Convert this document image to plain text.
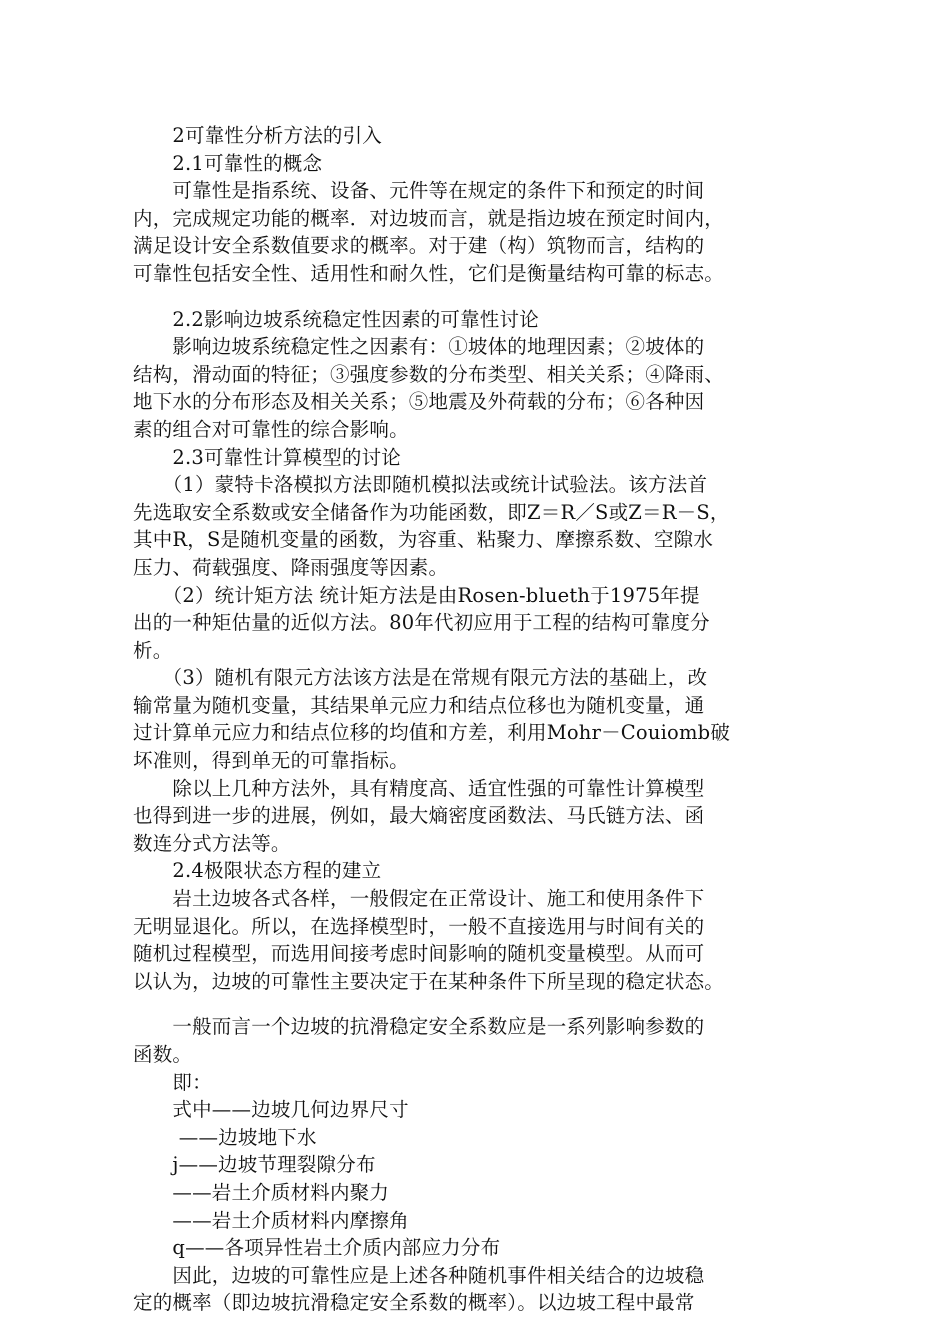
　　2可靠性分析方法的引入
　　2.1可靠性的概念
　　可靠性是指系统、设备、元件等在规定的条件下和预定的时间
内，完成规定功能的概率．对边坡而言，就是指边坡在预定时间内，
满足设计安全系数值要求的概率。对于建（构）筑物而言，结构的
可靠性包括安全性、适用性和耐久性，它们是衡量结构可靠的标志。
　　2.2影响边坡系统稳定性因素的可靠性讨论
　　影响边坡系统稳定性之因素有：①坡体的地理因素；②坡体的
结构，滑动面的特征；③强度参数的分布类型、相关关系；④降雨、
地下水的分布形态及相关关系；⑤地震及外荷载的分布；⑥各种因
素的组合对可靠性的综合影响。
　　2.3可靠性计算模型的讨论
　　（1）蒙特卡洛模拟方法即随机模拟法或统计试验法。该方法首
先选取安全系数或安全储备作为功能函数，即Z＝R／S或Z＝R－S，
其中R，S是随机变量的函数，为容重、粘聚力、摩擦系数、空隙水
压力、荷载强度、降雨强度等因素。
　　（2）统计矩方法 统计矩方法是由Rosen-blueth于1975年提
出的一种矩估量的近似方法。80年代初应用于工程的结构可靠度分
析。
　　（3）随机有限元方法该方法是在常规有限元方法的基础上，改
输常量为随机变量，其结果单元应力和结点位移也为随机变量，通
过计算单元应力和结点位移的均值和方差，利用Mohr－Couiomb破
坏准则，得到单无的可靠指标。
　　除以上几种方法外，具有精度高、适宜性强的可靠性计算模型
也得到进一步的进展，例如，最大熵密度函数法、马氏链方法、函
数连分式方法等。
　　2.4极限状态方程的建立
　　岩土边坡各式各样，一般假定在正常设计、施工和使用条件下
无明显退化。所以，在选择模型时，一般不直接选用与时间有关的
随机过程模型，而选用间接考虑时间影响的随机变量模型。从而可
以认为，边坡的可靠性主要决定于在某种条件下所呈现的稳定状态。
　　一般而言一个边坡的抗滑稳定安全系数应是一系列影响参数的
函数。
　　即：
　　式中——边坡几何边界尺寸
　　 ——边坡地下水
　　j——边坡节理裂隙分布
　　——岩土介质材料内聚力
　　——岩土介质材料内摩擦角
　　q——各项异性岩土介质内部应力分布
　　因此，边坡的可靠性应是上述各种随机事件相关结合的边坡稳
定的概率（即边坡抗滑稳定安全系数的概率）。以边坡工程中最常
